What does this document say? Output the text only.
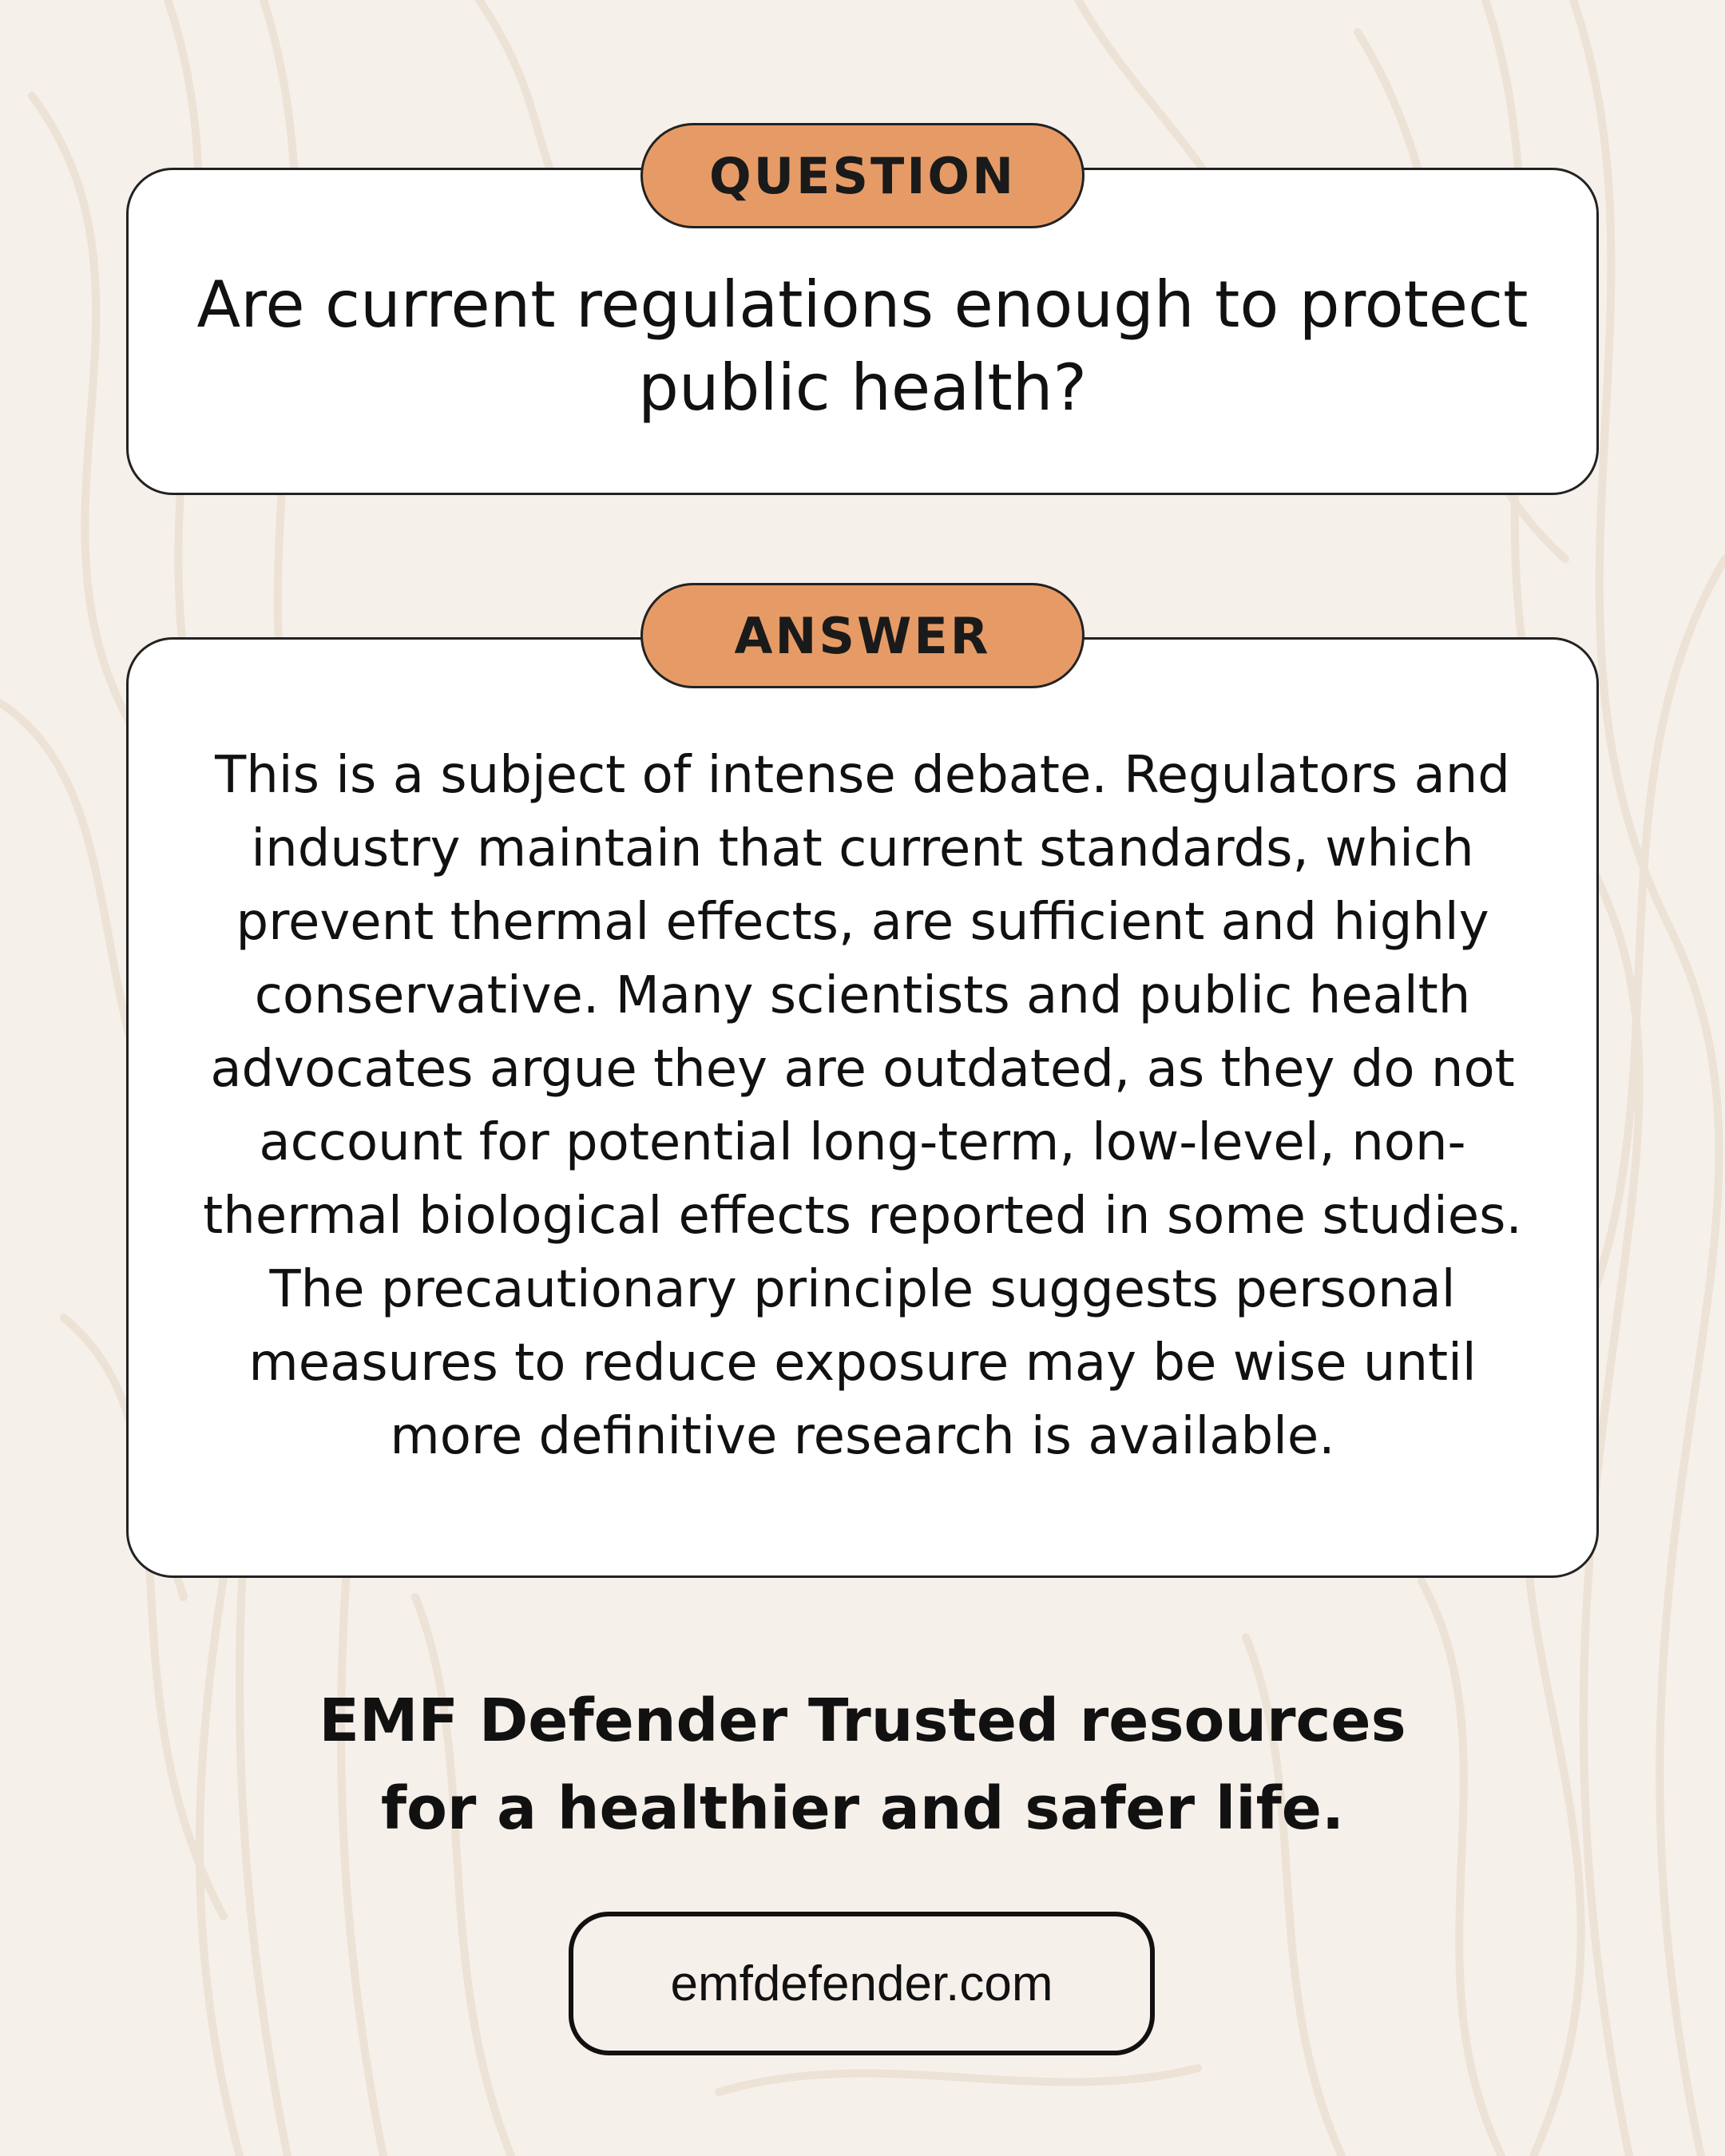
QUESTION

Are current regulations enough to protect public health?

ANSWER

This is a subject of intense debate. Regulators and industry maintain that current standards, which prevent thermal effects, are sufficient and highly conservative. Many scientists and public health advocates argue they are outdated, as they do not account for potential long-term, low-level, non-thermal biological effects reported in some studies. The precautionary principle suggests personal measures to reduce exposure may be wise until more definitive research is available.

EMF Defender Trusted resources
for a healthier and safer life.
emfdefender.com
